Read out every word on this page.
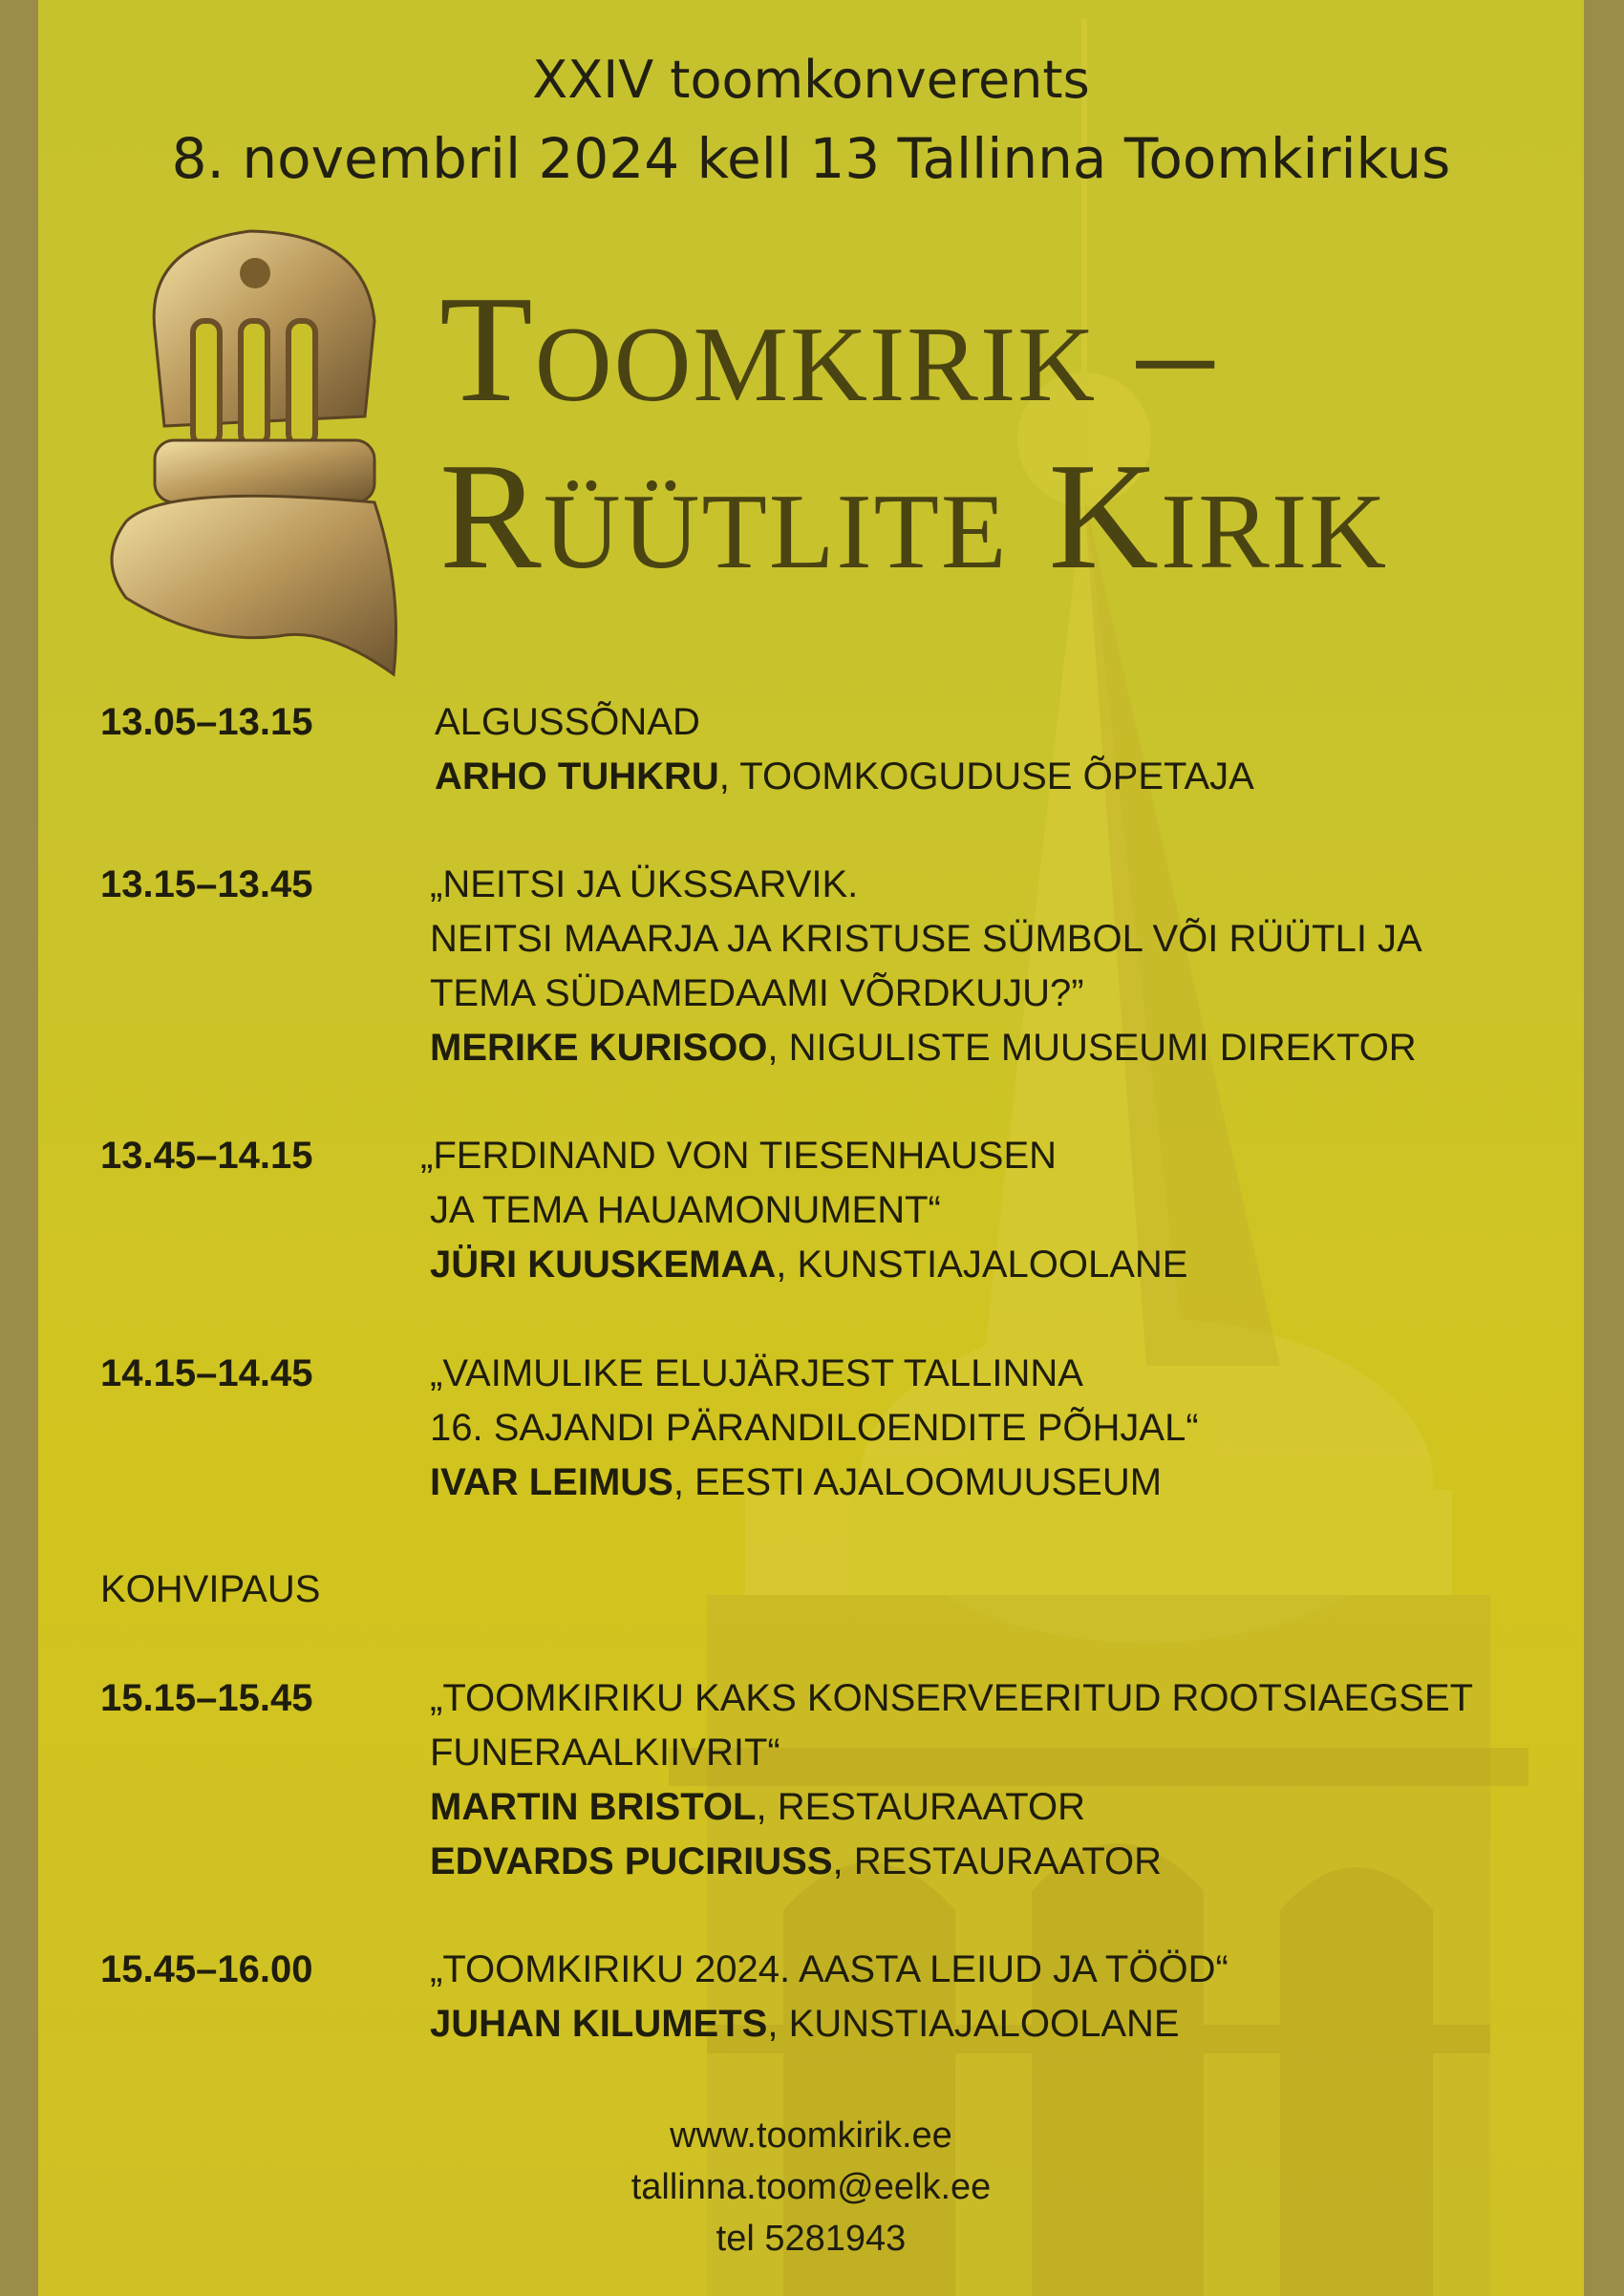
XXIV toomkonverents
8. novembril 2024 kell 13 Tallinna Toomkirikus
Toomkirik –
Rüütlite Kirik
13.05–13.15	ALGUSSÕNAD
ARHO TUHKRU, TOOMKOGUDUSE ÕPETAJA
13.15–13.45	„NEITSI JA ÜKSSARVIK.
NEITSI MAARJA JA KRISTUSE SÜMBOL VÕI RÜÜTLI JA
TEMA SÜDAMEDAAMI VÕRDKUJU?”
MERIKE KURISOO, NIGULISTE MUUSEUMI DIREKTOR
13.45–14.15	„FERDINAND VON TIESENHAUSEN
JA TEMA HAUAMONUMENT“
JÜRI KUUSKEMAA, KUNSTIAJALOOLANE
14.15–14.45	„VAIMULIKE ELUJÄRJEST TALLINNA
16. SAJANDI PÄRANDILOENDITE PÕHJAL“
IVAR LEIMUS, EESTI AJALOOMUUSEUM
KOHVIPAUS
15.15–15.45	„TOOMKIRIKU KAKS KONSERVEERITUD ROOTSIAEGSET
FUNERAALKIIVRIT“
MARTIN BRISTOL, RESTAURAATOR
EDVARDS PUCIRIUSS, RESTAURAATOR
15.45–16.00	„TOOMKIRIKU 2024. AASTA LEIUD JA TÖÖD“
JUHAN KILUMETS, KUNSTIAJALOOLANE
www.toomkirik.ee
tallinna.toom@eelk.ee
tel 5281943
